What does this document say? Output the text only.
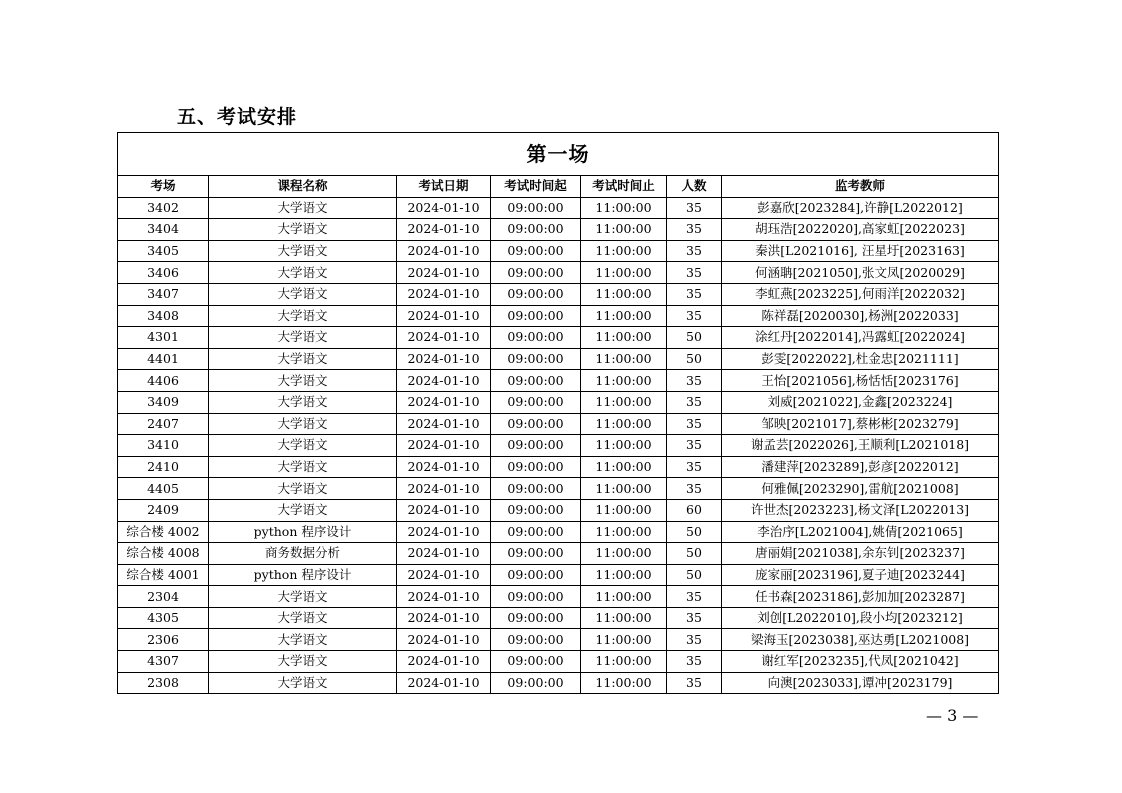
五、考试安排
第一场						
考场	课程名称	考试日期	考试时间起	考试时间止	人数	监考教师
3402	大学语文	2024-01-10	09:00:00	11:00:00	35	彭嘉欣[2023284],许静[L2022012]
3404	大学语文	2024-01-10	09:00:00	11:00:00	35	胡珏浩[2022020],高家虹[2022023]
3405	大学语文	2024-01-10	09:00:00	11:00:00	35	秦洪[L2021016], 汪星圩[2023163]
3406	大学语文	2024-01-10	09:00:00	11:00:00	35	何涵聃[2021050],张文凤[2020029]
3407	大学语文	2024-01-10	09:00:00	11:00:00	35	李虹燕[2023225],何雨洋[2022032]
3408	大学语文	2024-01-10	09:00:00	11:00:00	35	陈祥磊[2020030],杨洲[2022033]
4301	大学语文	2024-01-10	09:00:00	11:00:00	50	涂红丹[2022014],冯露虹[2022024]
4401	大学语文	2024-01-10	09:00:00	11:00:00	50	彭雯[2022022],杜金忠[2021111]
4406	大学语文	2024-01-10	09:00:00	11:00:00	35	王怡[2021056],杨恬恬[2023176]
3409	大学语文	2024-01-10	09:00:00	11:00:00	35	刘威[2021022],金鑫[2023224]
2407	大学语文	2024-01-10	09:00:00	11:00:00	35	邹映[2021017],蔡彬彬[2023279]
3410	大学语文	2024-01-10	09:00:00	11:00:00	35	谢孟芸[2022026],王顺利[L2021018]
2410	大学语文	2024-01-10	09:00:00	11:00:00	35	潘建萍[2023289],彭彦[2022012]
4405	大学语文	2024-01-10	09:00:00	11:00:00	35	何雅佩[2023290],雷航[2021008]
2409	大学语文	2024-01-10	09:00:00	11:00:00	60	许世杰[2023223],杨文泽[L2022013]
综合楼 4002	python 程序设计	2024-01-10	09:00:00	11:00:00	50	李治序[L2021004],姚倩[2021065]
综合楼 4008	商务数据分析	2024-01-10	09:00:00	11:00:00	50	唐丽娟[2021038],余东钊[2023237]
综合楼 4001	python 程序设计	2024-01-10	09:00:00	11:00:00	50	庞家丽[2023196],夏子迪[2023244]
2304	大学语文	2024-01-10	09:00:00	11:00:00	35	任书森[2023186],彭加加[2023287]
4305	大学语文	2024-01-10	09:00:00	11:00:00	35	刘创[L2022010],段小均[2023212]
2306	大学语文	2024-01-10	09:00:00	11:00:00	35	梁海玉[2023038],巫达勇[L2021008]
4307	大学语文	2024-01-10	09:00:00	11:00:00	35	谢红军[2023235],代凤[2021042]
2308	大学语文	2024-01-10	09:00:00	11:00:00	35	向澳[2023033],谭冲[2023179]
— 3 —
